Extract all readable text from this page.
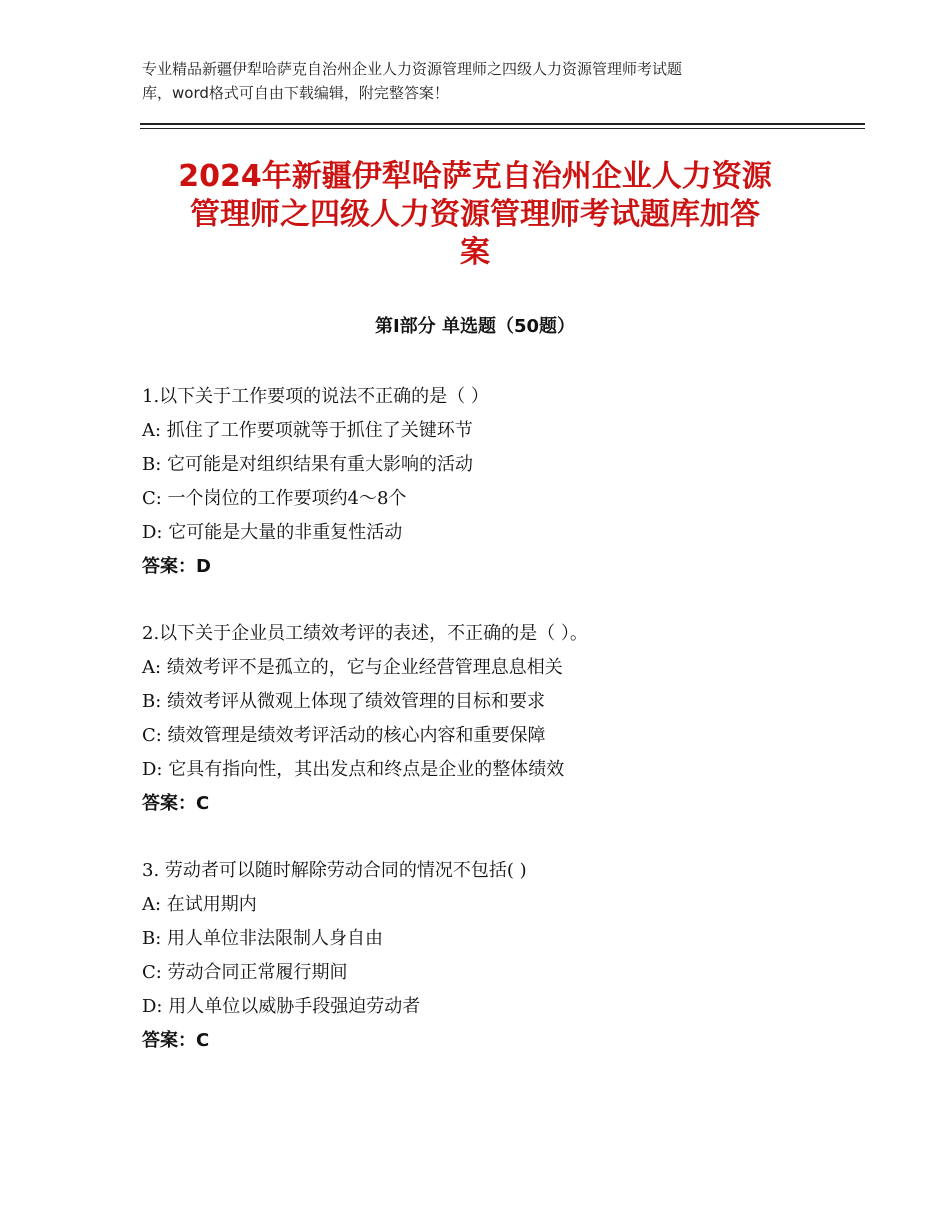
专业精品新疆伊犁哈萨克自治州企业人力资源管理师之四级人力资源管理师考试题
库，word格式可自由下载编辑，附完整答案！
2024年新疆伊犁哈萨克自治州企业人力资源
管理师之四级人力资源管理师考试题库加答
案
第Ⅰ部分 单选题（50题）
1.以下关于工作要项的说法不正确的是（ ）
A: 抓住了工作要项就等于抓住了关键环节
B: 它可能是对组织结果有重大影响的活动
C: 一个岗位的工作要项约4～8个
D: 它可能是大量的非重复性活动
答案：D
2.以下关于企业员工绩效考评的表述，不正确的是（ ）。
A: 绩效考评不是孤立的，它与企业经营管理息息相关
B: 绩效考评从微观上体现了绩效管理的目标和要求
C: 绩效管理是绩效考评活动的核心内容和重要保障
D: 它具有指向性，其出发点和终点是企业的整体绩效
答案：C
3. 劳动者可以随时解除劳动合同的情况不包括( )
A: 在试用期内
B: 用人单位非法限制人身自由
C: 劳动合同正常履行期间
D: 用人单位以威胁手段强迫劳动者
答案：C
